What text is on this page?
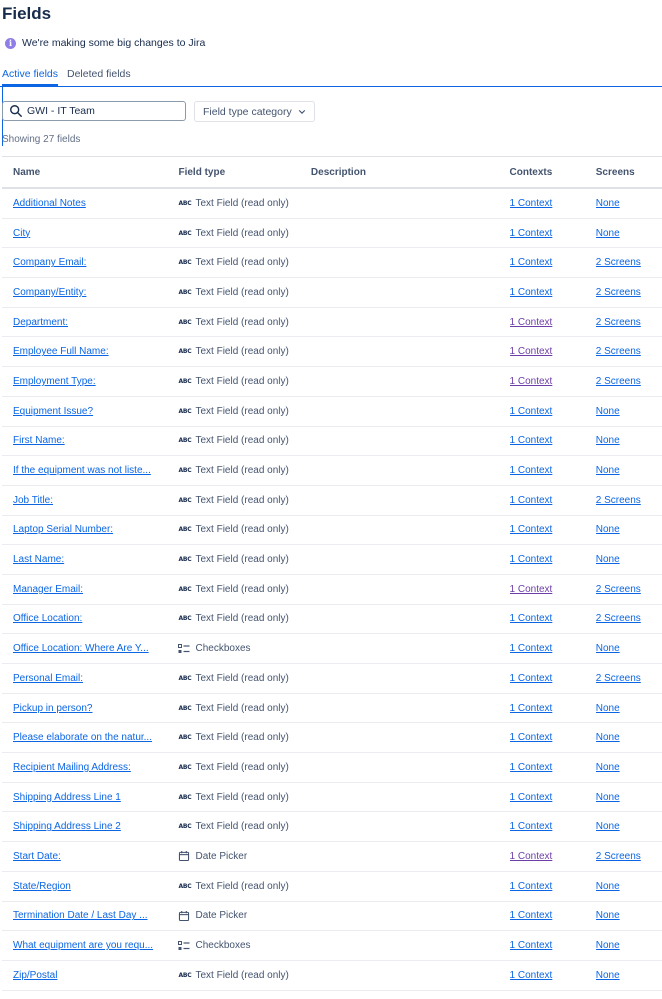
Fields
i We're making some big changes to Jira
Active fields Deleted fields
GWI - IT Team
Field type category
Showing 27 fields
Name	Field type	Description	Contexts	Screens
Additional Notes	ABC Text Field (read only)		1 Context	None
City	ABC Text Field (read only)		1 Context	None
Company Email:	ABC Text Field (read only)		1 Context	2 Screens
Company/Entity:	ABC Text Field (read only)		1 Context	2 Screens
Department:	ABC Text Field (read only)		1 Context	2 Screens
Employee Full Name:	ABC Text Field (read only)		1 Context	2 Screens
Employment Type:	ABC Text Field (read only)		1 Context	2 Screens
Equipment Issue?	ABC Text Field (read only)		1 Context	None
First Name:	ABC Text Field (read only)		1 Context	None
If the equipment was not liste...	ABC Text Field (read only)		1 Context	None
Job Title:	ABC Text Field (read only)		1 Context	2 Screens
Laptop Serial Number:	ABC Text Field (read only)		1 Context	None
Last Name:	ABC Text Field (read only)		1 Context	None
Manager Email:	ABC Text Field (read only)		1 Context	2 Screens
Office Location:	ABC Text Field (read only)		1 Context	2 Screens
Office Location: Where Are Y...	Checkboxes		1 Context	None
Personal Email:	ABC Text Field (read only)		1 Context	2 Screens
Pickup in person?	ABC Text Field (read only)		1 Context	None
Please elaborate on the natur...	ABC Text Field (read only)		1 Context	None
Recipient Mailing Address:	ABC Text Field (read only)		1 Context	None
Shipping Address Line 1	ABC Text Field (read only)		1 Context	None
Shipping Address Line 2	ABC Text Field (read only)		1 Context	None
Start Date:	Date Picker		1 Context	2 Screens
State/Region	ABC Text Field (read only)		1 Context	None
Termination Date / Last Day ...	Date Picker		1 Context	None
What equipment are you requ...	Checkboxes		1 Context	None
Zip/Postal	ABC Text Field (read only)		1 Context	None
